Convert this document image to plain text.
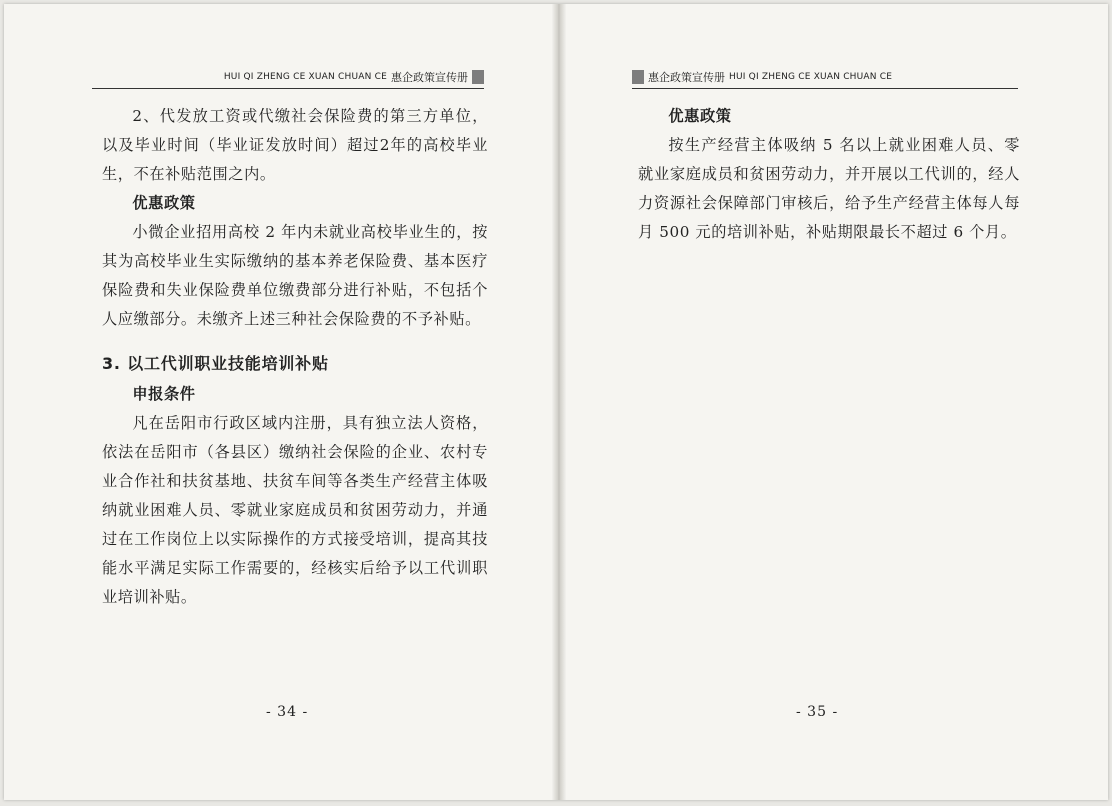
HUI QI ZHENG CE XUAN CHUAN CE 惠企政策宣传册

2、代发放工资或代缴社会保险费的第三方单位，以及毕业时间（毕业证发放时间）超过2年的高校毕业生，不在补贴范围之内。

优惠政策

小微企业招用高校 2 年内未就业高校毕业生的，按其为高校毕业生实际缴纳的基本养老保险费、基本医疗保险费和失业保险费单位缴费部分进行补贴，不包括个人应缴部分。未缴齐上述三种社会保险费的不予补贴。

3. 以工代训职业技能培训补贴

申报条件

凡在岳阳市行政区域内注册，具有独立法人资格，依法在岳阳市（各县区）缴纳社会保险的企业、农村专业合作社和扶贫基地、扶贫车间等各类生产经营主体吸纳就业困难人员、零就业家庭成员和贫困劳动力，并通过在工作岗位上以实际操作的方式接受培训，提高其技能水平满足实际工作需要的，经核实后给予以工代训职业培训补贴。

- 34 -
惠企政策宣传册 HUI QI ZHENG CE XUAN CHUAN CE

优惠政策

按生产经营主体吸纳 5 名以上就业困难人员、零就业家庭成员和贫困劳动力，并开展以工代训的，经人力资源社会保障部门审核后，给予生产经营主体每人每月 500 元的培训补贴，补贴期限最长不超过 6 个月。

- 35 -
